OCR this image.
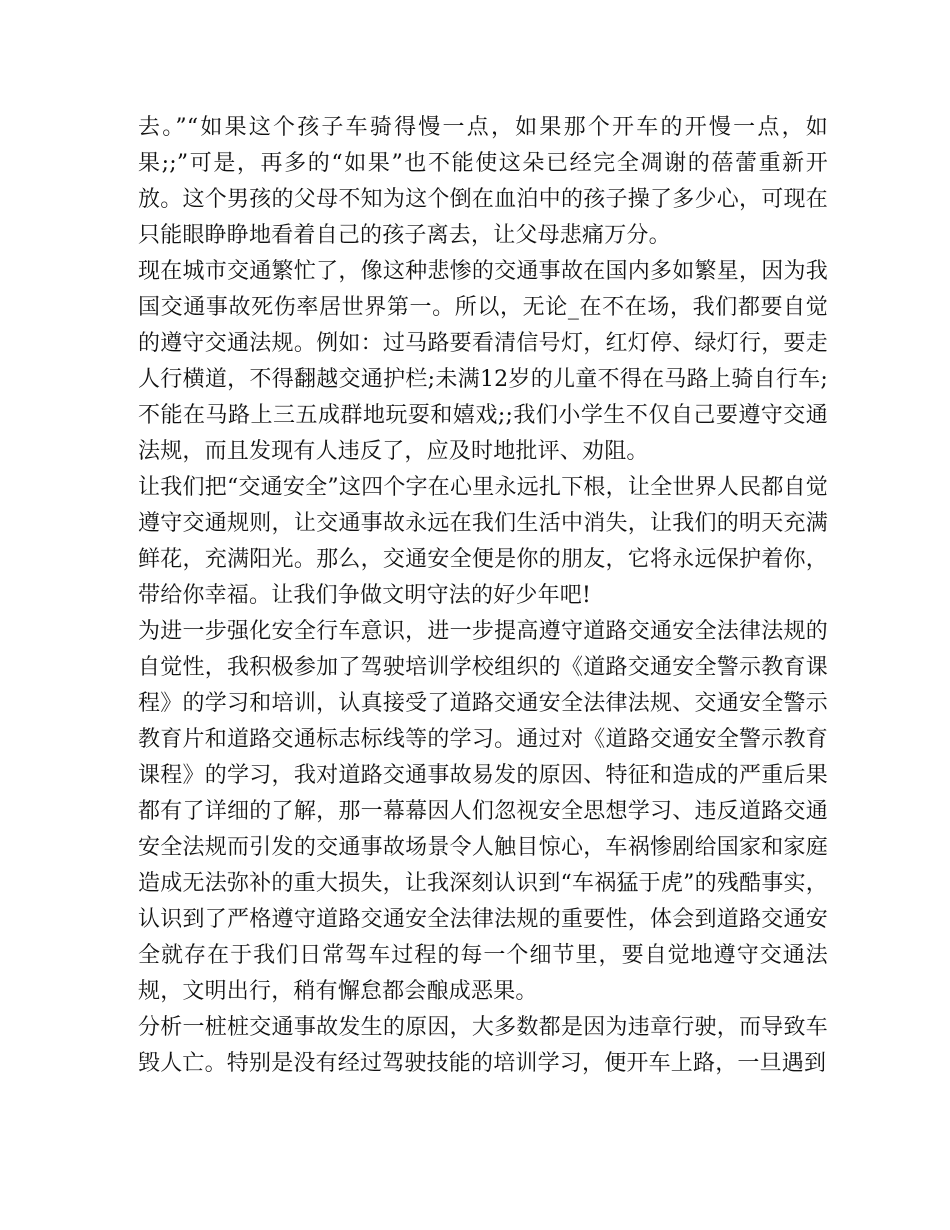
去。”“如果这个孩子车骑得慢一点，如果那个开车的开慢一点，如果;;”可是，再多的“如果”也不能使这朵已经完全凋谢的蓓蕾重新开放。这个男孩的父母不知为这个倒在血泊中的孩子操了多少心，可现在只能眼睁睁地看着自己的孩子离去，让父母悲痛万分。

现在城市交通繁忙了，像这种悲惨的交通事故在国内多如繁星，因为我国交通事故死伤率居世界第一。所以，无论_在不在场，我们都要自觉的遵守交通法规。例如：过马路要看清信号灯，红灯停、绿灯行，要走人行横道，不得翻越交通护栏;未满12岁的儿童不得在马路上骑自行车;不能在马路上三五成群地玩耍和嬉戏;;我们小学生不仅自己要遵守交通法规，而且发现有人违反了，应及时地批评、劝阻。

让我们把“交通安全”这四个字在心里永远扎下根，让全世界人民都自觉遵守交通规则，让交通事故永远在我们生活中消失，让我们的明天充满鲜花，充满阳光。那么，交通安全便是你的朋友，它将永远保护着你，带给你幸福。让我们争做文明守法的好少年吧!

为进一步强化安全行车意识，进一步提高遵守道路交通安全法律法规的自觉性，我积极参加了驾驶培训学校组织的《道路交通安全警示教育课程》的学习和培训，认真接受了道路交通安全法律法规、交通安全警示教育片和道路交通标志标线等的学习。通过对《道路交通安全警示教育课程》的学习，我对道路交通事故易发的原因、特征和造成的严重后果都有了详细的了解，那一幕幕因人们忽视安全思想学习、违反道路交通安全法规而引发的交通事故场景令人触目惊心，车祸惨剧给国家和家庭造成无法弥补的重大损失，让我深刻认识到“车祸猛于虎”的残酷事实，认识到了严格遵守道路交通安全法律法规的重要性，体会到道路交通安全就存在于我们日常驾车过程的每一个细节里，要自觉地遵守交通法规，文明出行，稍有懈怠都会酿成恶果。

分析一桩桩交通事故发生的原因，大多数都是因为违章行驶，而导致车毁人亡。特别是没有经过驾驶技能的培训学习，便开车上路，一旦遇到
